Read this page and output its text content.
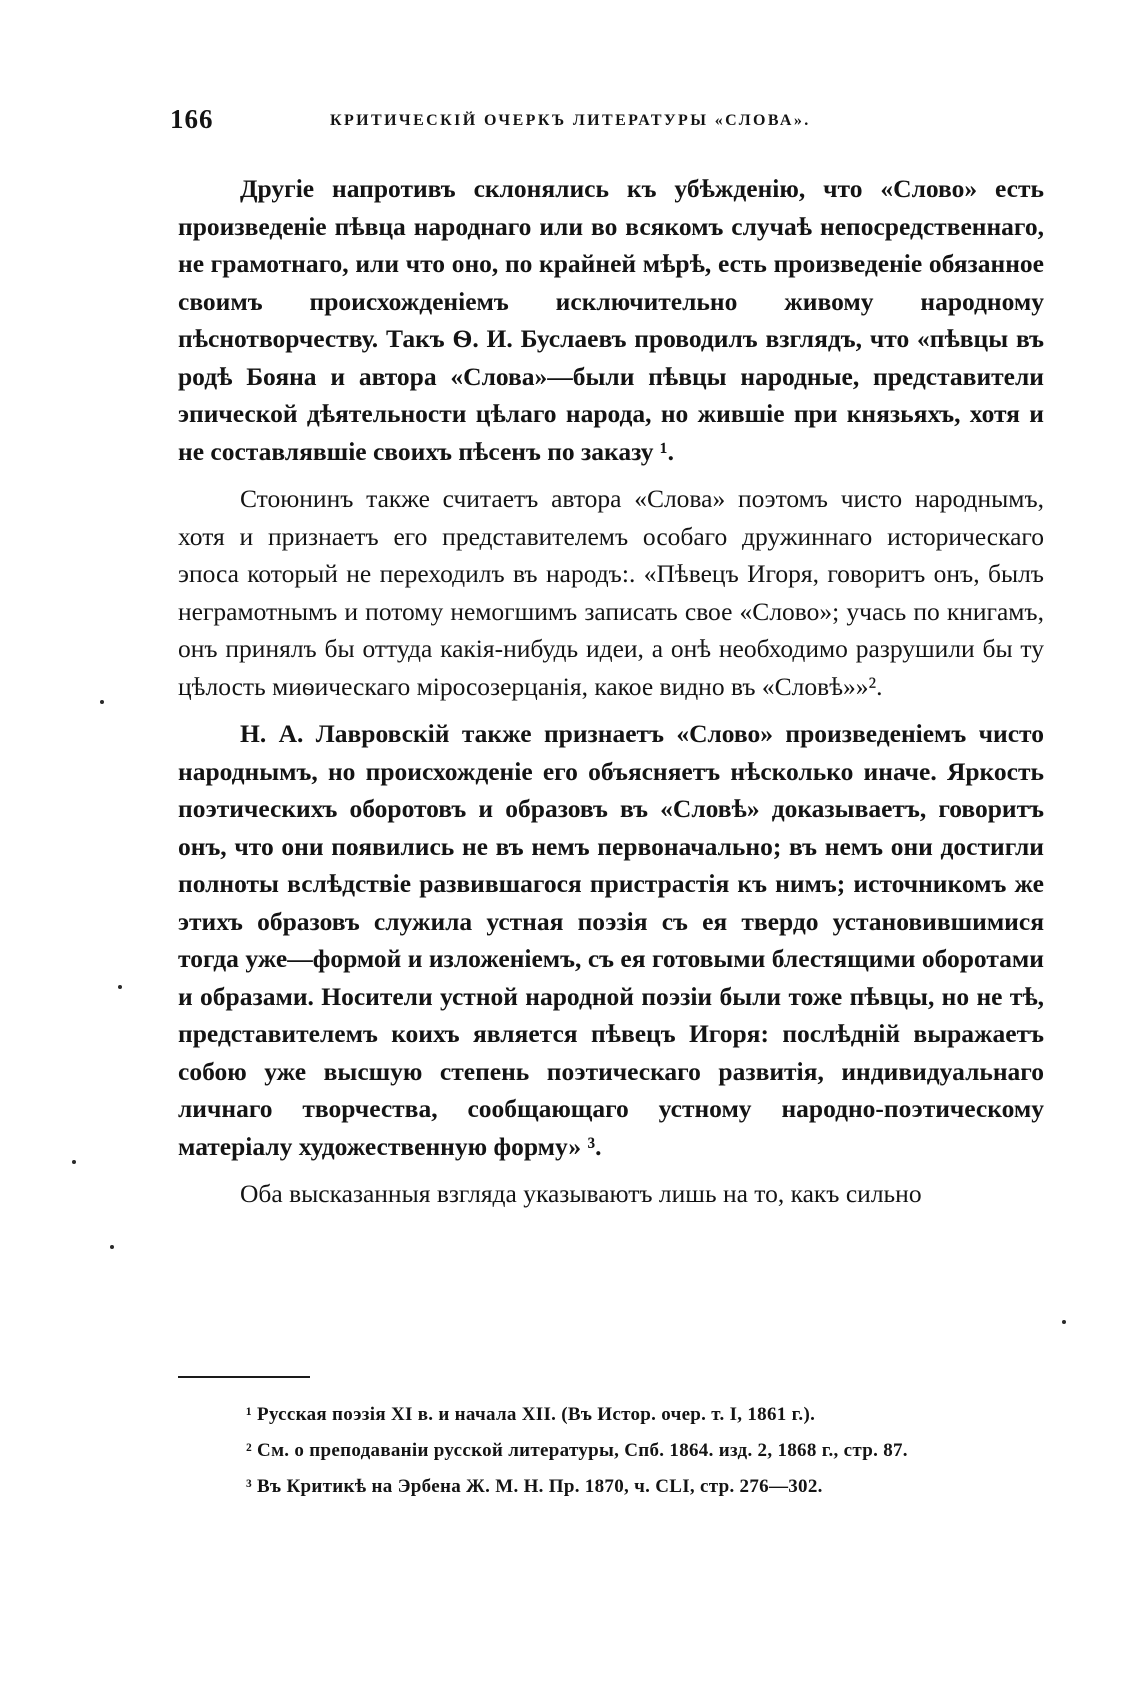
166	КРИТИЧЕСКІЙ ОЧЕРКЪ ЛИТЕРАТУРЫ «СЛОВА».

Другіе напротивъ склонялись къ убѣжденію, что «Слово» есть произведеніе пѣвца народнаго или во всякомъ случаѣ непосредственнаго, не грамотнаго, или что оно, по крайней мѣрѣ, есть произведеніе обязанное своимъ происхожденіемъ исключительно живому народному пѣснотворчеству. Такъ Ѳ. И. Буслаевъ проводилъ взглядъ, что «пѣвцы въ родѣ Бояна и автора «Слова»—были пѣвцы народные, представители эпической дѣятельности цѣлаго народа, но жившіе при князьяхъ, хотя и не составлявшіе своихъ пѣсенъ по заказу ¹.

Стоюнинъ также считаетъ автора «Слова» поэтомъ чисто народнымъ, хотя и признаетъ его представителемъ особаго дружиннаго историческаго эпоса который не переходилъ въ народъ:. «Пѣвецъ Игоря, говоритъ онъ, былъ неграмотнымъ и потому немогшимъ записать свое «Слово»; учась по книгамъ, онъ принялъ бы оттуда какія-нибудь идеи, а онѣ необходимо разрушили бы ту цѣлость миѳическаго міросозерцанія, какое видно въ «Словѣ»»².

Н. А. Лавровскій также признаетъ «Слово» произведеніемъ чисто народнымъ, но происхожденіе его объясняетъ нѣсколько иначе. Яркость поэтическихъ оборотовъ и образовъ въ «Словѣ» доказываетъ, говоритъ онъ, что они появились не въ немъ первоначально; въ немъ они достигли полноты вслѣдствіе развившагося пристрастія къ нимъ; источникомъ же этихъ образовъ служила устная поэзія съ ея твердо установившимися тогда уже—формой и изложеніемъ, съ ея готовыми блестящими оборотами и образами. Носители устной народной поэзіи были тоже пѣвцы, но не тѣ, представителемъ коихъ является пѣвецъ Игоря: послѣдній выражаетъ собою уже высшую степень поэтическаго развитія, индивидуальнаго личнаго творчества, сообщающаго устному народно-поэтическому матеріалу художественную форму» ³.

Оба высказанныя взгляда указываютъ лишь на то, какъ сильно

¹ Русская поэзія XI в. и начала XII. (Въ Истор. очер. т. I, 1861 г.).

² См. о преподаваніи русской литературы, Спб. 1864. изд. 2, 1868 г., стр. 87.

³ Въ Критикѣ на Эрбена Ж. М. Н. Пр. 1870, ч. CLI, стр. 276—302.
